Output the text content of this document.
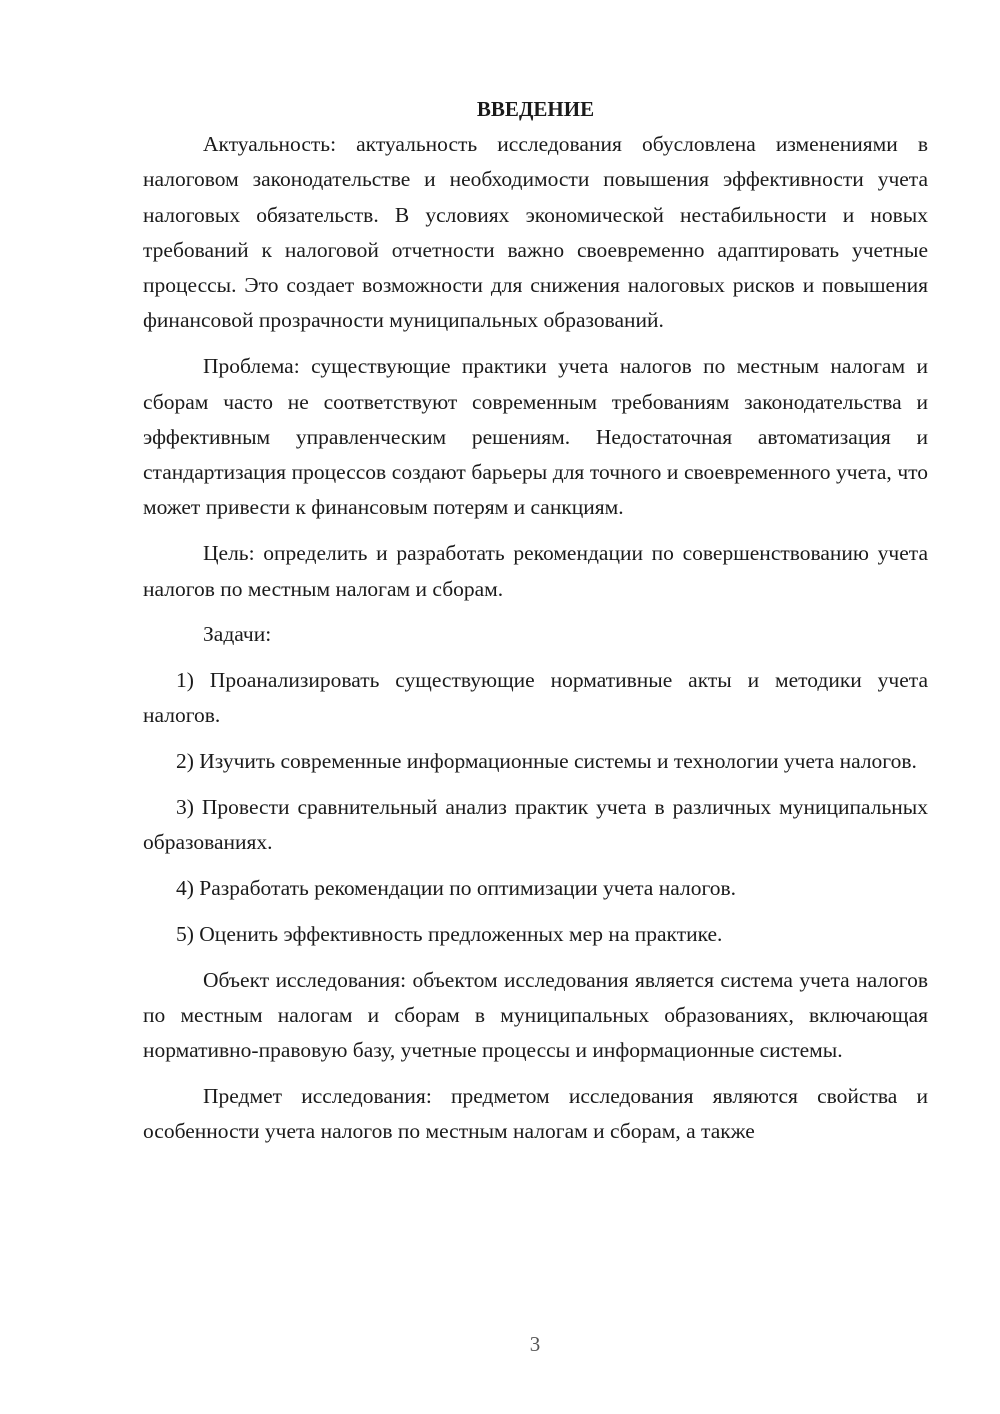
ВВЕДЕНИЕ

Актуальность: актуальность исследования обусловлена изменениями в налоговом законодательстве и необходимости повышения эффективности учета налоговых обязательств. В условиях экономической нестабильности и новых требований к налоговой отчетности важно своевременно адаптировать учетные процессы. Это создает возможности для снижения налоговых рисков и повышения финансовой прозрачности муниципальных образований.

Проблема: существующие практики учета налогов по местным налогам и сборам часто не соответствуют современным требованиям законодательства и эффективным управленческим решениям. Недостаточная автоматизация и стандартизация процессов создают барьеры для точного и своевременного учета, что может привести к финансовым потерям и санкциям.

Цель: определить и разработать рекомендации по совершенствованию учета налогов по местным налогам и сборам.

Задачи:

1) Проанализировать существующие нормативные акты и методики учета налогов.

2) Изучить современные информационные системы и технологии учета налогов.

3) Провести сравнительный анализ практик учета в различных муниципальных образованиях.

4) Разработать рекомендации по оптимизации учета налогов.

5) Оценить эффективность предложенных мер на практике.

Объект исследования: объектом исследования является система учета налогов по местным налогам и сборам в муниципальных образованиях, включающая нормативно-правовую базу, учетные процессы и информационные системы.

Предмет исследования: предметом исследования являются свойства и особенности учета налогов по местным налогам и сборам, а также

3
